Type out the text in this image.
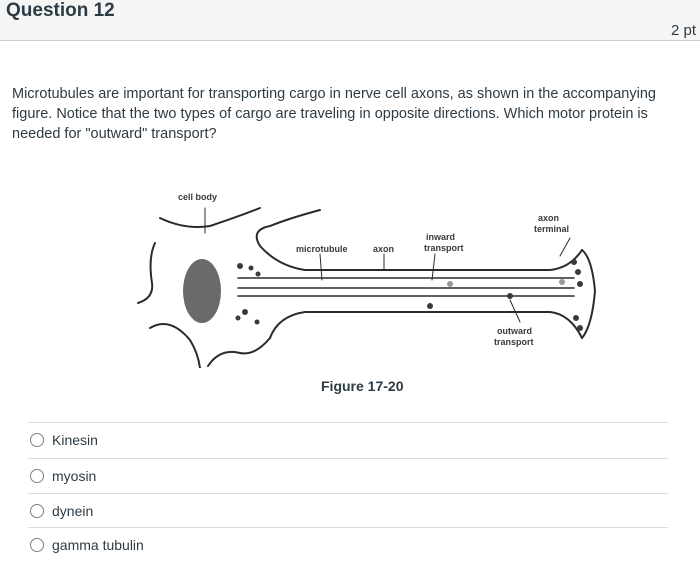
Question 12
2 pt
Microtubules are important for transporting cargo in nerve cell axons, as shown in the accompanying figure. Notice that the two types of cargo are traveling in opposite directions. Which motor protein is needed for "outward" transport?
cell body
microtubule	axon
inward
transport
axon
terminal
outward
transport
Figure 17-20
Kinesin
myosin
dynein
gamma tubulin
